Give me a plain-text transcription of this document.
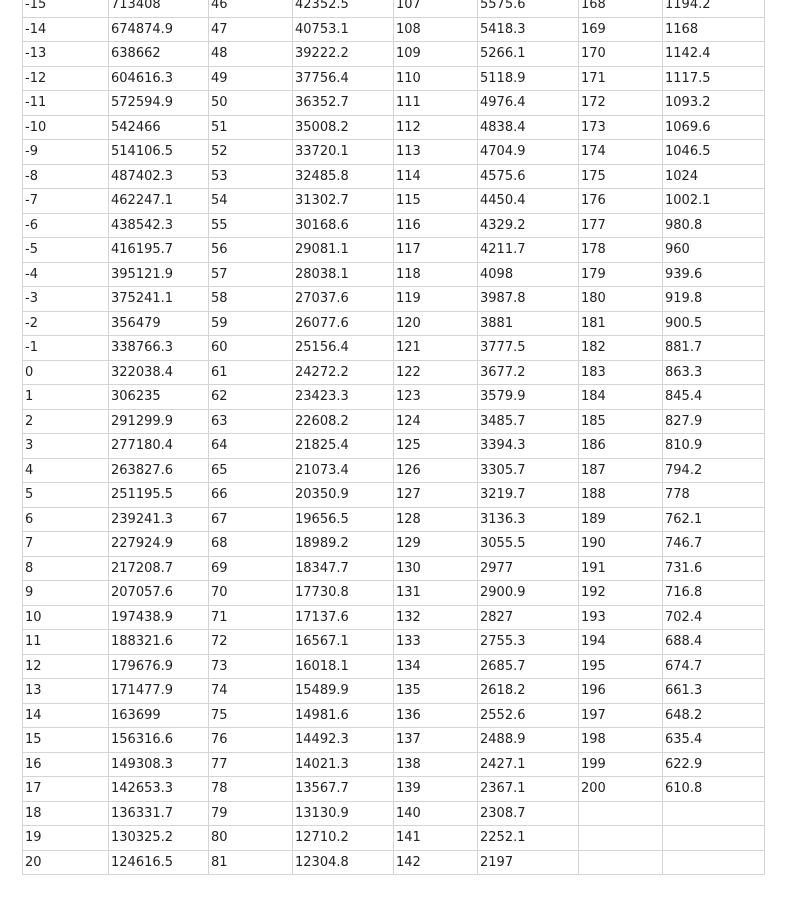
-15	713408	46	42352.5	107	5575.6	168	1194.2
-14	674874.9	47	40753.1	108	5418.3	169	1168
-13	638662	48	39222.2	109	5266.1	170	1142.4
-12	604616.3	49	37756.4	110	5118.9	171	1117.5
-11	572594.9	50	36352.7	111	4976.4	172	1093.2
-10	542466	51	35008.2	112	4838.4	173	1069.6
-9	514106.5	52	33720.1	113	4704.9	174	1046.5
-8	487402.3	53	32485.8	114	4575.6	175	1024
-7	462247.1	54	31302.7	115	4450.4	176	1002.1
-6	438542.3	55	30168.6	116	4329.2	177	980.8
-5	416195.7	56	29081.1	117	4211.7	178	960
-4	395121.9	57	28038.1	118	4098	179	939.6
-3	375241.1	58	27037.6	119	3987.8	180	919.8
-2	356479	59	26077.6	120	3881	181	900.5
-1	338766.3	60	25156.4	121	3777.5	182	881.7
0	322038.4	61	24272.2	122	3677.2	183	863.3
1	306235	62	23423.3	123	3579.9	184	845.4
2	291299.9	63	22608.2	124	3485.7	185	827.9
3	277180.4	64	21825.4	125	3394.3	186	810.9
4	263827.6	65	21073.4	126	3305.7	187	794.2
5	251195.5	66	20350.9	127	3219.7	188	778
6	239241.3	67	19656.5	128	3136.3	189	762.1
7	227924.9	68	18989.2	129	3055.5	190	746.7
8	217208.7	69	18347.7	130	2977	191	731.6
9	207057.6	70	17730.8	131	2900.9	192	716.8
10	197438.9	71	17137.6	132	2827	193	702.4
11	188321.6	72	16567.1	133	2755.3	194	688.4
12	179676.9	73	16018.1	134	2685.7	195	674.7
13	171477.9	74	15489.9	135	2618.2	196	661.3
14	163699	75	14981.6	136	2552.6	197	648.2
15	156316.6	76	14492.3	137	2488.9	198	635.4
16	149308.3	77	14021.3	138	2427.1	199	622.9
17	142653.3	78	13567.7	139	2367.1	200	610.8
18	136331.7	79	13130.9	140	2308.7		
19	130325.2	80	12710.2	141	2252.1		
20	124616.5	81	12304.8	142	2197		
